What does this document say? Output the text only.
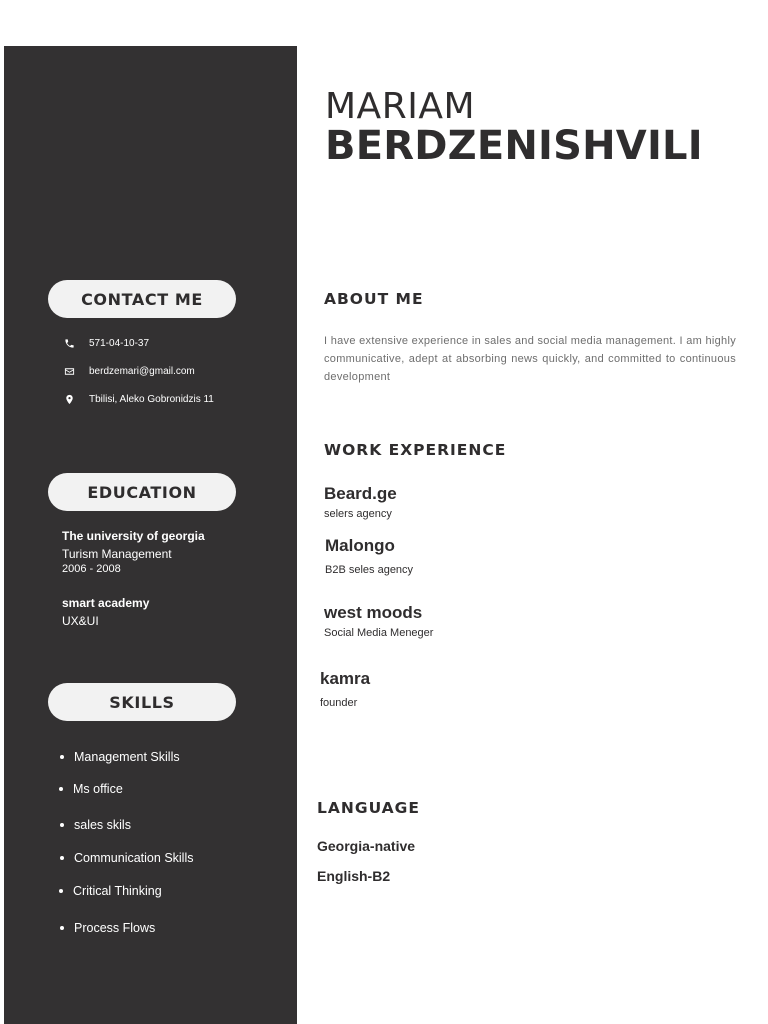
CONTACT ME
571-04-10-37
berdzemari@gmail.com
Tbilisi, Aleko Gobronidzis 11
EDUCATION
The university of georgia
Turism Management
2006 - 2008
smart academy
UX&UI
SKILLS
Management Skills
Ms office
sales skils
Communication Skills
Critical Thinking
Process Flows
MARIAM
BERDZENISHVILI
ABOUT ME
I have extensive experience in sales and social media management. I am highly communicative, adept at absorbing news quickly, and committed to continuous development
WORK EXPERIENCE
Beard.ge
selers agency
Malongo
B2B seles agency
west moods
Social Media Meneger
kamra
founder
LANGUAGE
Georgia-native
English-B2
